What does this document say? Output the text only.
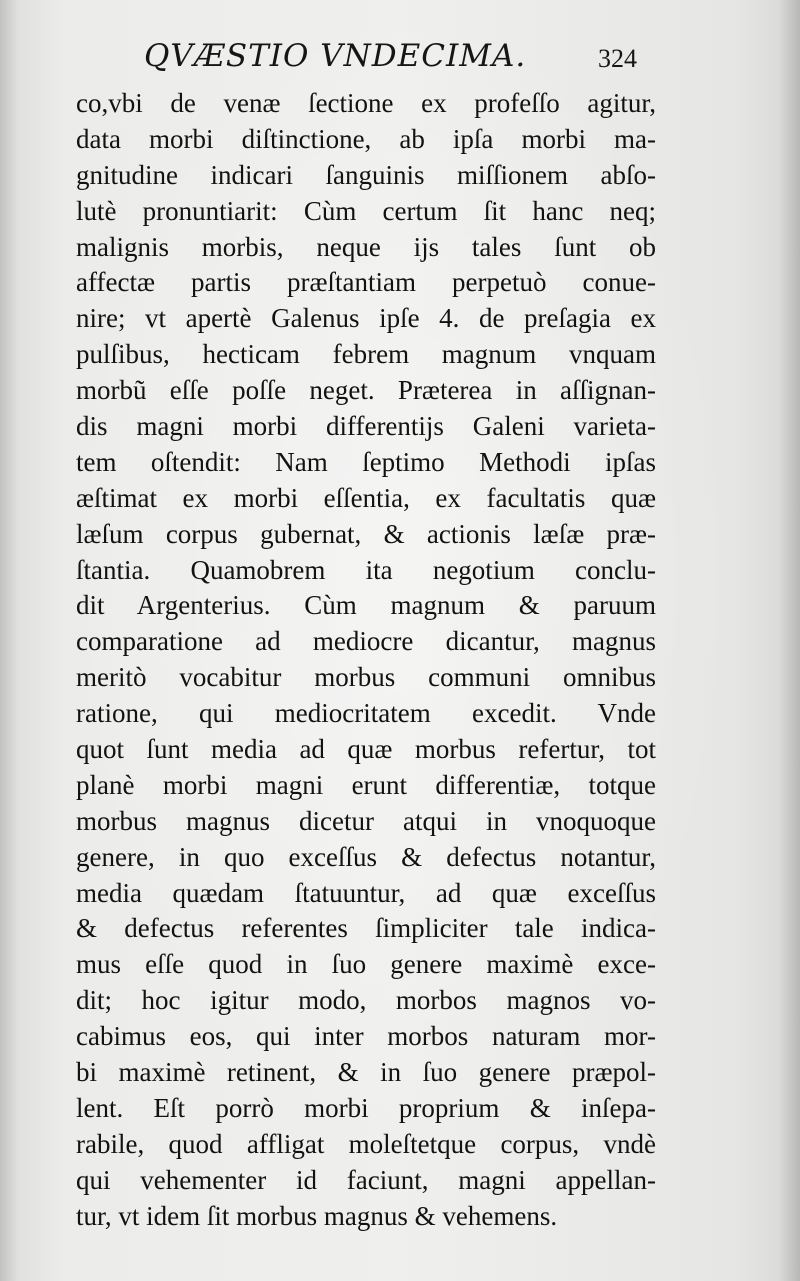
QVÆSTIO VNDECIMA.	324
co,vbi de venæ ſectione ex profeſſo agitur,
data morbi diſtinctione, ab ipſa morbi ma-
gnitudine indicari ſanguinis miſſionem abſo-
lutè pronuntiarit: Cùm certum ſit hanc neq;
malignis morbis, neque ijs tales ſunt ob
affectæ partis præſtantiam perpetuò conue-
nire; vt apertè Galenus ipſe 4. de preſagia ex
pulſibus, hecticam febrem magnum vnquam
morbũ eſſe poſſe neget. Præterea in aſſignan-
dis magni morbi differentijs Galeni varieta-
tem oſtendit: Nam ſeptimo Methodi ipſas
æſtimat ex morbi eſſentia, ex facultatis quæ
læſum corpus gubernat, & actionis læſæ præ-
ſtantia. Quamobrem ita negotium conclu-
dit Argenterius. Cùm magnum & paruum
comparatione ad mediocre dicantur, magnus
meritò vocabitur morbus communi omnibus
ratione, qui mediocritatem excedit. Vnde
quot ſunt media ad quæ morbus refertur, tot
planè morbi magni erunt differentiæ, totque
morbus magnus dicetur atqui in vnoquoque
genere, in quo exceſſus & defectus notantur,
media quædam ſtatuuntur, ad quæ exceſſus
& defectus referentes ſimpliciter tale indica-
mus eſſe quod in ſuo genere maximè exce-
dit; hoc igitur modo, morbos magnos vo-
cabimus eos, qui inter morbos naturam mor-
bi maximè retinent, & in ſuo genere præpol-
lent. Eſt porrò morbi proprium & inſepa-
rabile, quod affligat moleſtetque corpus, vndè
qui vehementer id faciunt, magni appellan-
tur, vt idem ſit morbus magnus & vehemens.
